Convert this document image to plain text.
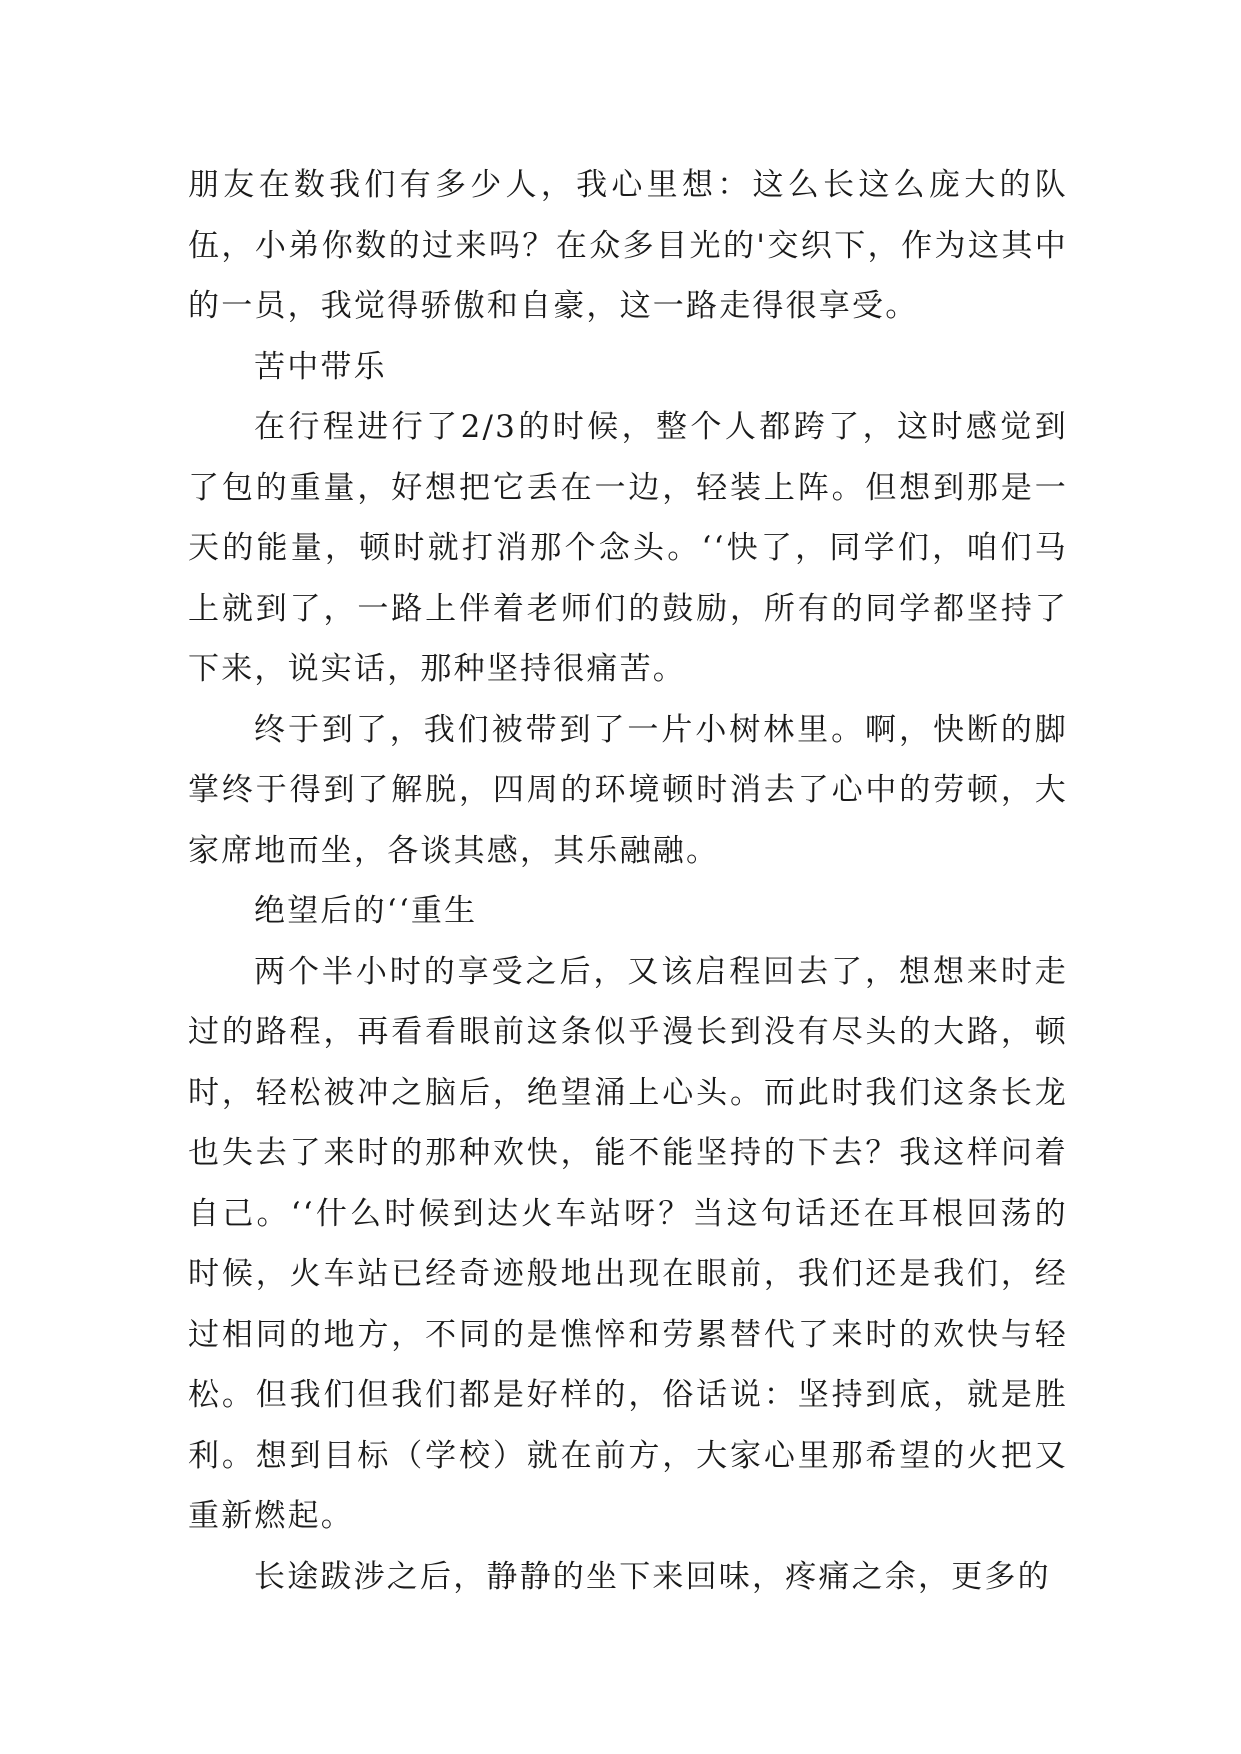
朋友在数我们有多少人，我心里想：这么长这么庞大的队伍，小弟你数的过来吗？在众多目光的'交织下，作为这其中的一员，我觉得骄傲和自豪，这一路走得很享受。

苦中带乐

在行程进行了2/3的时候，整个人都跨了，这时感觉到了包的重量，好想把它丢在一边，轻装上阵。但想到那是一天的能量，顿时就打消那个念头。‘‘快了，同学们，咱们马上就到了，一路上伴着老师们的鼓励，所有的同学都坚持了下来，说实话，那种坚持很痛苦。

终于到了，我们被带到了一片小树林里。啊，快断的脚掌终于得到了解脱，四周的环境顿时消去了心中的劳顿，大家席地而坐，各谈其感，其乐融融。

绝望后的‘‘重生

两个半小时的享受之后，又该启程回去了，想想来时走过的路程，再看看眼前这条似乎漫长到没有尽头的大路，顿时，轻松被冲之脑后，绝望涌上心头。而此时我们这条长龙也失去了来时的那种欢快，能不能坚持的下去？我这样问着自己。‘‘什么时候到达火车站呀？当这句话还在耳根回荡的时候，火车站已经奇迹般地出现在眼前，我们还是我们，经过相同的地方，不同的是憔悴和劳累替代了来时的欢快与轻松。但我们但我们都是好样的，俗话说：坚持到底，就是胜利。想到目标（学校）就在前方，大家心里那希望的火把又重新燃起。

长途跋涉之后，静静的坐下来回味，疼痛之余，更多的
